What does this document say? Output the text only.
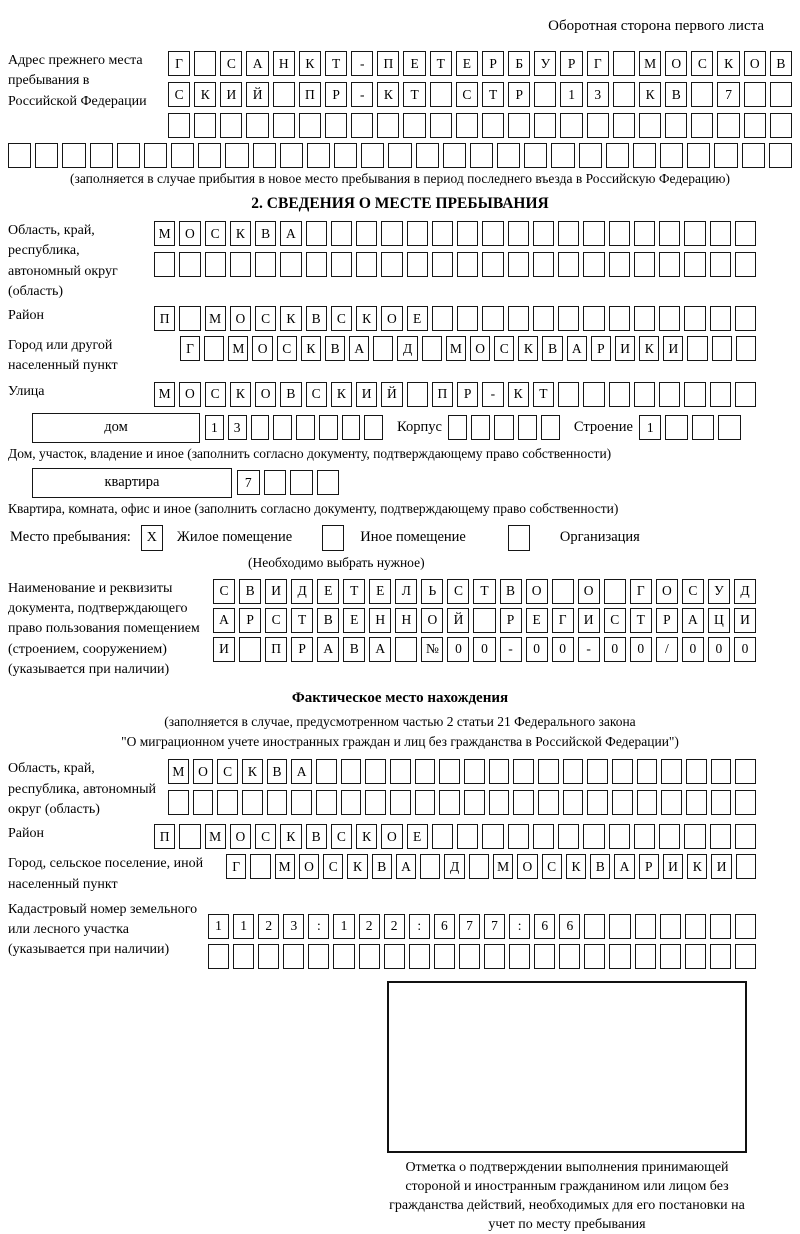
Оборотная сторона первого листа
Адрес прежнего места пребывания в Российской Федерации
Г	С	А	Н	К	Т	-	П	Е	Т	Е	Р	Б	У	Р	Г	М	О	С	К	О	В
С	К	И	Й	П	Р	-	К	Т	С	Т	Р	1	3	К	В	7
(заполняется в случае прибытия в новое место пребывания в период последнего въезда в Российскую Федерацию)
2. СВЕДЕНИЯ О МЕСТЕ ПРЕБЫВАНИЯ
Область, край, республика, автономный округ (область)
М	О	С	К	В	А
Район	П	М	О	С	К	В	С	К	О	Е
Город или другой населенный пункт
Г	М О	С	К	В	А	Д	М О	С	К	В	А	Р	И	К	И
Улица	М	О	С	К	О	В	С	К	И	Й	П	Р	-	К	Т
дом	1	3	Корпус	Строение	1
Дом, участок, владение и иное (заполнить согласно документу, подтверждающему право собственности)
квартира	7
Квартира, комната, офис и иное (заполнить согласно документу, подтверждающему право собственности)
Место пребывания:	X	Жилое помещение	Иное помещение	Организация
(Необходимо выбрать нужное)
Наименование и реквизиты документа, подтверждающего право пользования помещением (строением, сооружением) (указывается при наличии)
С	В	И	Д	Е	Т	Е	Л	Ь	С	Т	В	О	О	Г	О	С	У	Д
А	Р	С	Т	В	Е	Н	Н	О	Й	Р	Е	Г	И	С	Т	Р	А	Ц	И
И	П	Р	А	В	А	№	0	0	-	0	0	-	0	0	/	0	0	0
Фактическое место нахождения
(заполняется в случае, предусмотренном частью 2 статьи 21 Федерального закона
"О миграционном учете иностранных граждан и лиц без гражданства в Российской Федерации")
Область, край, республика, автономный округ (область)
М	О	С	К	В	А
Район	П	М	О	С	К	В	С	К	О	Е
Город, сельское поселение, иной населенный пункт
Г	М О	С	К	В	А	Д	М О	С	К	В	А	Р	И	К	И
Кадастровый номер земельного или лесного участка (указывается при наличии)
1	1	2	3	:	1	2	2	:	6	7	7	:	6	6
Отметка о подтверждении выполнения принимающей стороной и иностранным гражданином или лицом без гражданства действий, необходимых для его постановки на учет по месту пребывания
